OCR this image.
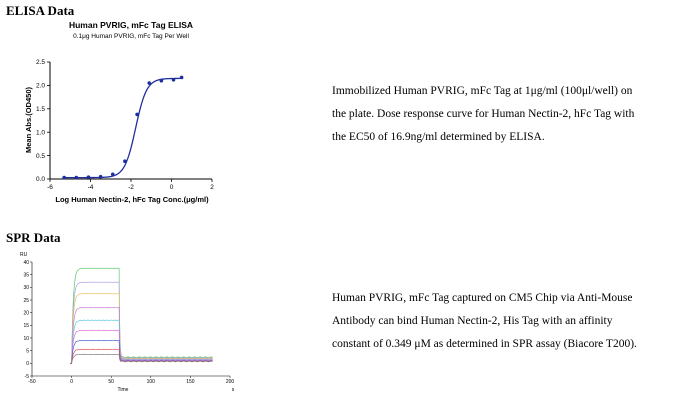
ELISA Data
Human PVRIG, mFc Tag ELISA
0.1μg Human PVRIG, mFc Tag Per Well
Mean Abs.(OD450)
Log Human Nectin-2, hFc Tag Conc.(μg/ml)
0.0
0.5
1.0
1.5
2.0
2.5
-6	-4	-2	0	2
Immobilized Human PVRIG, mFc Tag at 1μg/ml (100μl/well) on
the plate. Dose response curve for Human Nectin-2, hFc Tag with
the EC50 of 16.9ng/ml determined by ELISA.
SPR Data
RU
Time	s
-5
0
5
10
15
20
25
30
35
40
-50	0	50	100	150	200
Human PVRIG, mFc Tag captured on CM5 Chip via Anti-Mouse
Antibody can bind Human Nectin-2, His Tag with an affinity
constant of 0.349 μM as determined in SPR assay (Biacore T200).
